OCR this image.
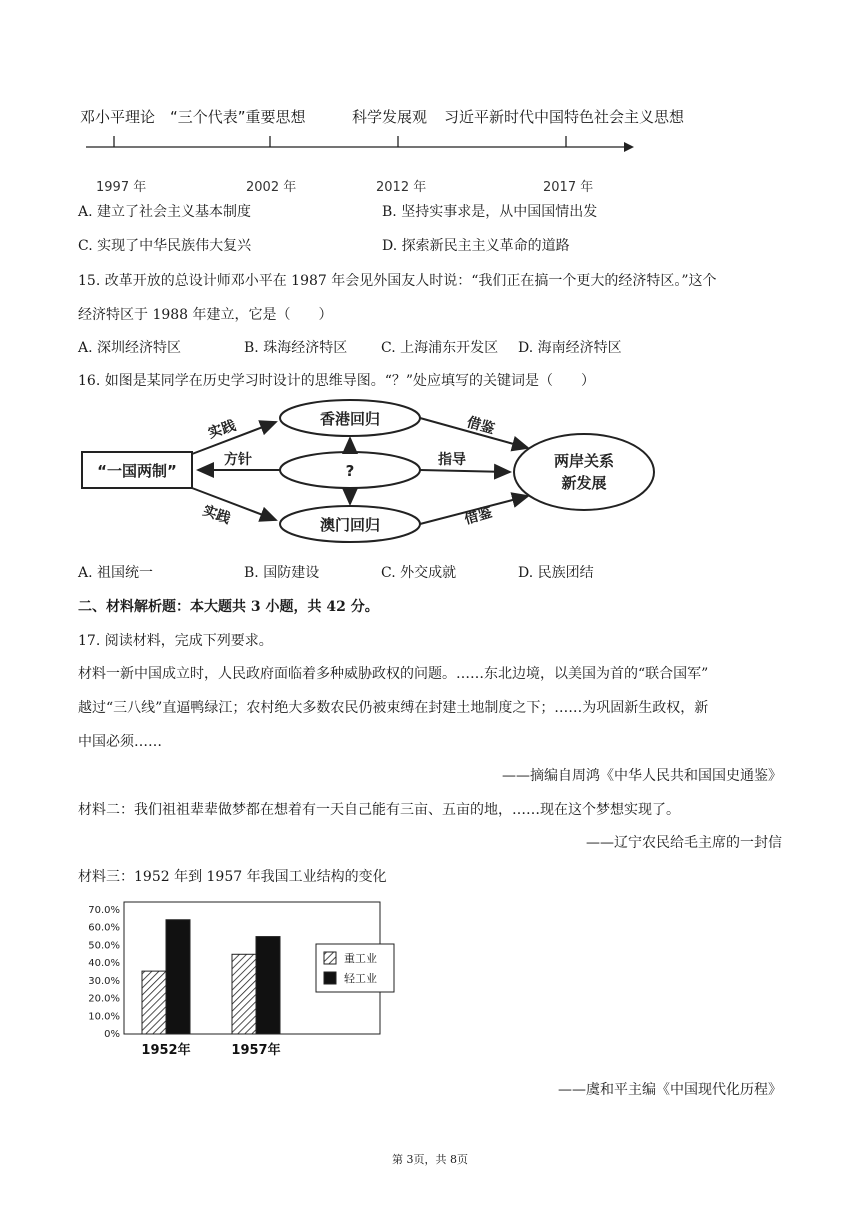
邓小平理论 “三个代表”重要思想	科学发展观 习近平新时代中国特色社会主义思想
1997 年	2002 年	2012 年	2017 年
A. 建立了社会主义基本制度	B. 坚持实事求是，从中国国情出发
C. 实现了中华民族伟大复兴	D. 探索新民主主义革命的道路
15. 改革开放的总设计师邓小平在 1987 年会见外国友人时说：“我们正在搞一个更大的经济特区。”这个
经济特区于 1988 年建立，它是（　　）
A. 深圳经济特区	B. 珠海经济特区 C. 上海浦东开发区 D. 海南经济特区
16. 如图是某同学在历史学习时设计的思维导图。“？”处应填写的关键词是（　　）
“一国两制”
香港回归
?
澳门回归
两岸关系
新发展
实践
实践
方针	指导
借鉴
借鉴
A. 祖国统一	B. 国防建设	C. 外交成就	D. 民族团结
二、材料解析题：本大题共 3 小题，共 42 分。
17. 阅读材料，完成下列要求。
材料一新中国成立时，人民政府面临着多种威胁政权的问题。……东北边境，以美国为首的“联合国军”
越过“三八线”直逼鸭绿江；农村绝大多数农民仍被束缚在封建土地制度之下；……为巩固新生政权，新
中国必须……
——摘编自周鸿《中华人民共和国国史通鉴》
材料二：我们祖祖辈辈做梦都在想着有一天自己能有三亩、五亩的地，……现在这个梦想实现了。
——辽宁农民给毛主席的一封信
材料三：1952 年到 1957 年我国工业结构的变化
70.0%
60.0%
50.0%
40.0%
30.0%
20.0%
10.0%
0%
1952年	1957年
重工业
轻工业
——虞和平主编《中国现代化历程》
第 3页，共 8页
